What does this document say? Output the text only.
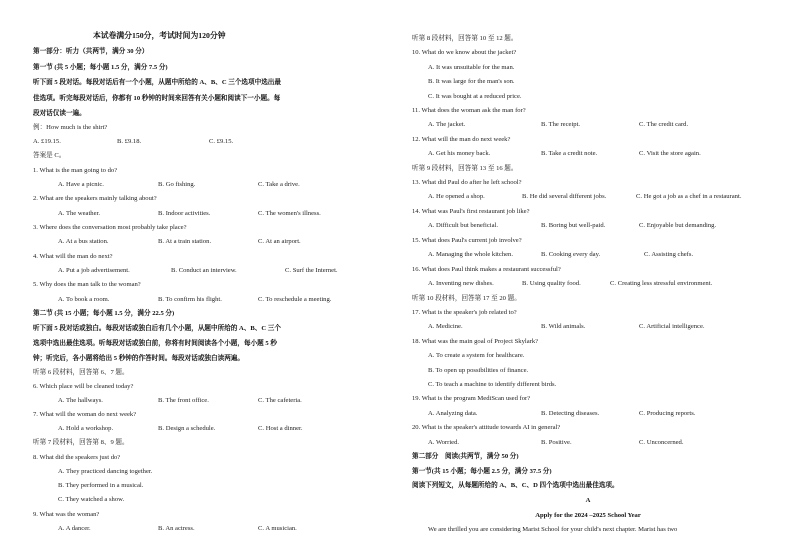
本试卷满分150分，考试时间为120分钟
第一部分：听力（共两节，满分 30 分）
第一节 (共 5 小题；每小题 1.5 分，满分 7.5 分)
听下面 5 段对话。每段对话后有一个小题，从题中所给的 A、B、C 三个选项中选出最
佳选项。听完每段对话后，你都有 10 秒钟的时间来回答有关小题和阅读下一小题。每
段对话仅读一遍。
例：How much is the shirt?
A. £19.15.	B. £9.18.	C. £9.15.
答案是 C。
1. What is the man going to do?
A. Have a picnic.	B. Go fishing.	C. Take a drive.
2. What are the speakers mainly talking about?
A. The weather.	B. Indoor activities.	C. The women's illness.
3. Where does the conversation most probably take place?
A. At a bus station.	B. At a train station.	C. At an airport.
4. What will the man do next?
A. Put a job advertisement.	B. Conduct an interview.	C. Surf the Internet.
5. Why does the man talk to the woman?
A. To book a room.	B. To confirm his flight.	C. To reschedule a meeting.
第二节 (共 15 小题；每小题 1.5 分，满分 22.5 分)
听下面 5 段对话或独白。每段对话或独白后有几个小题，从题中所给的 A、B、C 三个
选项中选出最佳选项。听每段对话或独白前，你将有时间阅读各个小题，每小题 5 秒
钟；听完后，各小题将给出 5 秒钟的作答时间。每段对话或独白读两遍。
听第 6 段材料，回答第 6、7 题。
6. Which place will be cleaned today?
A. The hallways.	B. The front office.	C. The cafeteria.
7. What will the woman do next week?
A. Hold a workshop.	B. Design a schedule.	C. Host a dinner.
听第 7 段材料，回答第 8、9 题。
8. What did the speakers just do?
A. They practiced dancing together.
B. They performed in a musical.
C. They watched a show.
9. What was the woman?
A. A dancer.	B. An actress.	C. A musician.
听第 8 段材料，回答第 10 至 12 题。
10. What do we know about the jacket?
A. It was unsuitable for the man.
B. It was large for the man's son.
C. It was bought at a reduced price.
11. What does the woman ask the man for?
A. The jacket.	B. The receipt.	C. The credit card.
12. What will the man do next week?
A. Get his money back.	B. Take a credit note.	C. Visit the store again.
听第 9 段材料，回答第 13 至 16 题。
13. What did Paul do after he left school?
A. He opened a shop.	B. He did several different jobs.	C. He got a job as a chef in a restaurant.
14. What was Paul's first restaurant job like?
A. Difficult but beneficial.	B. Boring but well-paid.	C. Enjoyable but demanding.
15. What does Paul's current job involve?
A. Managing the whole kitchen.	B. Cooking every day.	C. Assisting chefs.
16. What does Paul think makes a restaurant successful?
A. Inventing new dishes.	B. Using quality food.	C. Creating less stressful environment.
听第 10 段材料，回答第 17 至 20 题。
17. What is the speaker's job related to?
A. Medicine.	B. Wild animals.	C. Artificial intelligence.
18. What was the main goal of Project Skylark?
A. To create a system for healthcare.
B. To open up possibilities of finance.
C. To teach a machine to identify different birds.
19. What is the program MediScan used for?
A. Analyzing data.	B. Detecting diseases.	C. Producing reports.
20. What is the speaker's attitude towards AI in general?
A. Worried.	B. Positive.	C. Unconcerned.
第二部分　阅读(共两节，满分 50 分)
第一节(共 15 小题；每小题 2.5 分，满分 37.5 分)
阅读下列短文，从每题所给的 A、B、C、D 四个选项中选出最佳选项。
A
Apply for the 2024 –2025 School Year
We are thrilled you are considering Marist School for your child's next chapter. Marist has two
